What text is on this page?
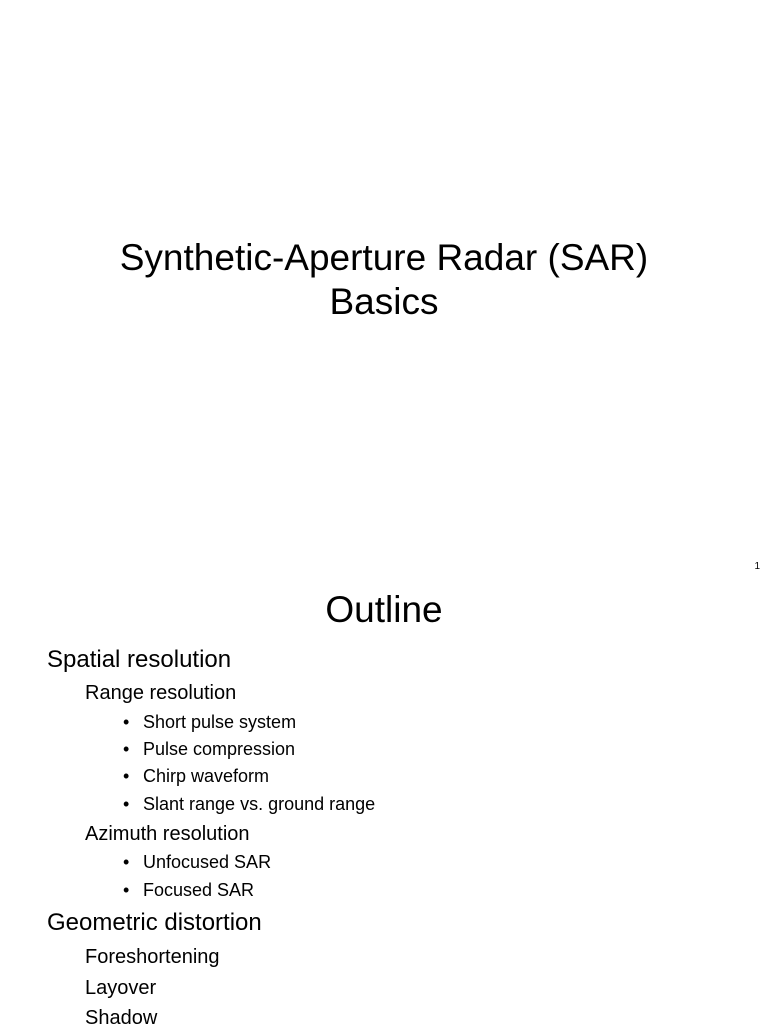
Synthetic-Aperture Radar (SAR)
Basics
1
Outline
Spatial resolution
Range resolution
• Short pulse system
• Pulse compression
• Chirp waveform
• Slant range vs. ground range
Azimuth resolution
• Unfocused SAR
• Focused SAR
Geometric distortion
Foreshortening
Layover
Shadow
